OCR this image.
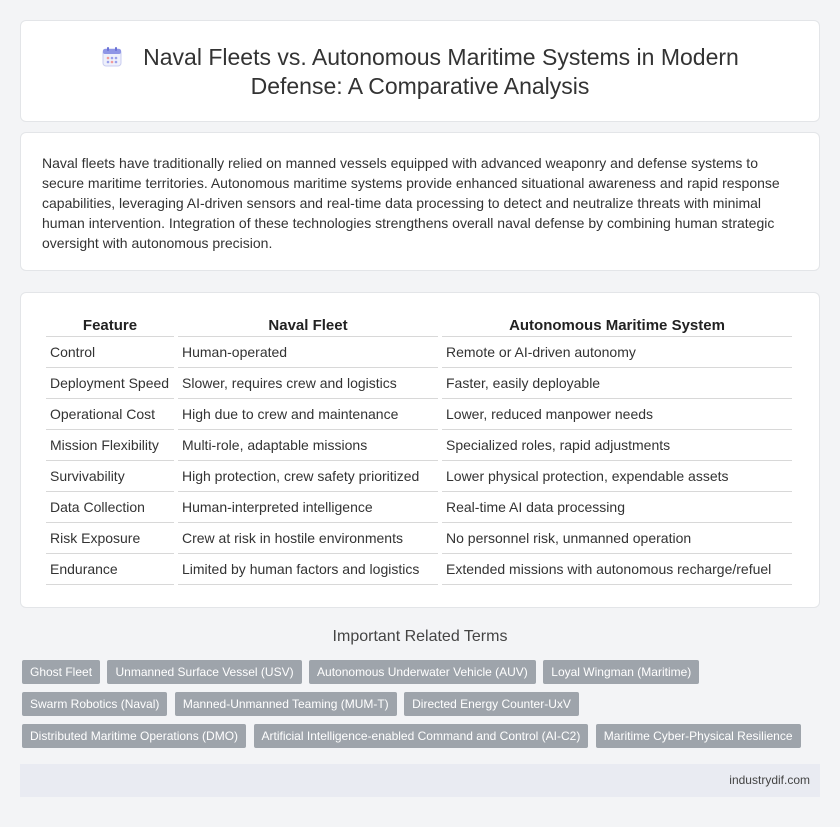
Naval Fleets vs. Autonomous Maritime Systems in Modern
Defense: A Comparative Analysis
Naval fleets have traditionally relied on manned vessels equipped with advanced weaponry and defense systems to secure maritime territories. Autonomous maritime systems provide enhanced situational awareness and rapid response capabilities, leveraging AI-driven sensors and real-time data processing to detect and neutralize threats with minimal human intervention. Integration of these technologies strengthens overall naval defense by combining human strategic oversight with autonomous precision.
Feature	Naval Fleet	Autonomous Maritime System
Control	Human-operated	Remote or AI-driven autonomy
Deployment Speed	Slower, requires crew and logistics	Faster, easily deployable
Operational Cost	High due to crew and maintenance	Lower, reduced manpower needs
Mission Flexibility	Multi-role, adaptable missions	Specialized roles, rapid adjustments
Survivability	High protection, crew safety prioritized	Lower physical protection, expendable assets
Data Collection	Human-interpreted intelligence	Real-time AI data processing
Risk Exposure	Crew at risk in hostile environments	No personnel risk, unmanned operation
Endurance	Limited by human factors and logistics	Extended missions with autonomous recharge/refuel
Important Related Terms
Ghost Fleet Unmanned Surface Vessel (USV) Autonomous Underwater Vehicle (AUV) Loyal Wingman (Maritime) Swarm Robotics (Naval) Manned-Unmanned Teaming (MUM-T) Directed Energy Counter-UxV Distributed Maritime Operations (DMO) Artificial Intelligence-enabled Command and Control (AI-C2) Maritime Cyber-Physical Resilience
industrydif.com
